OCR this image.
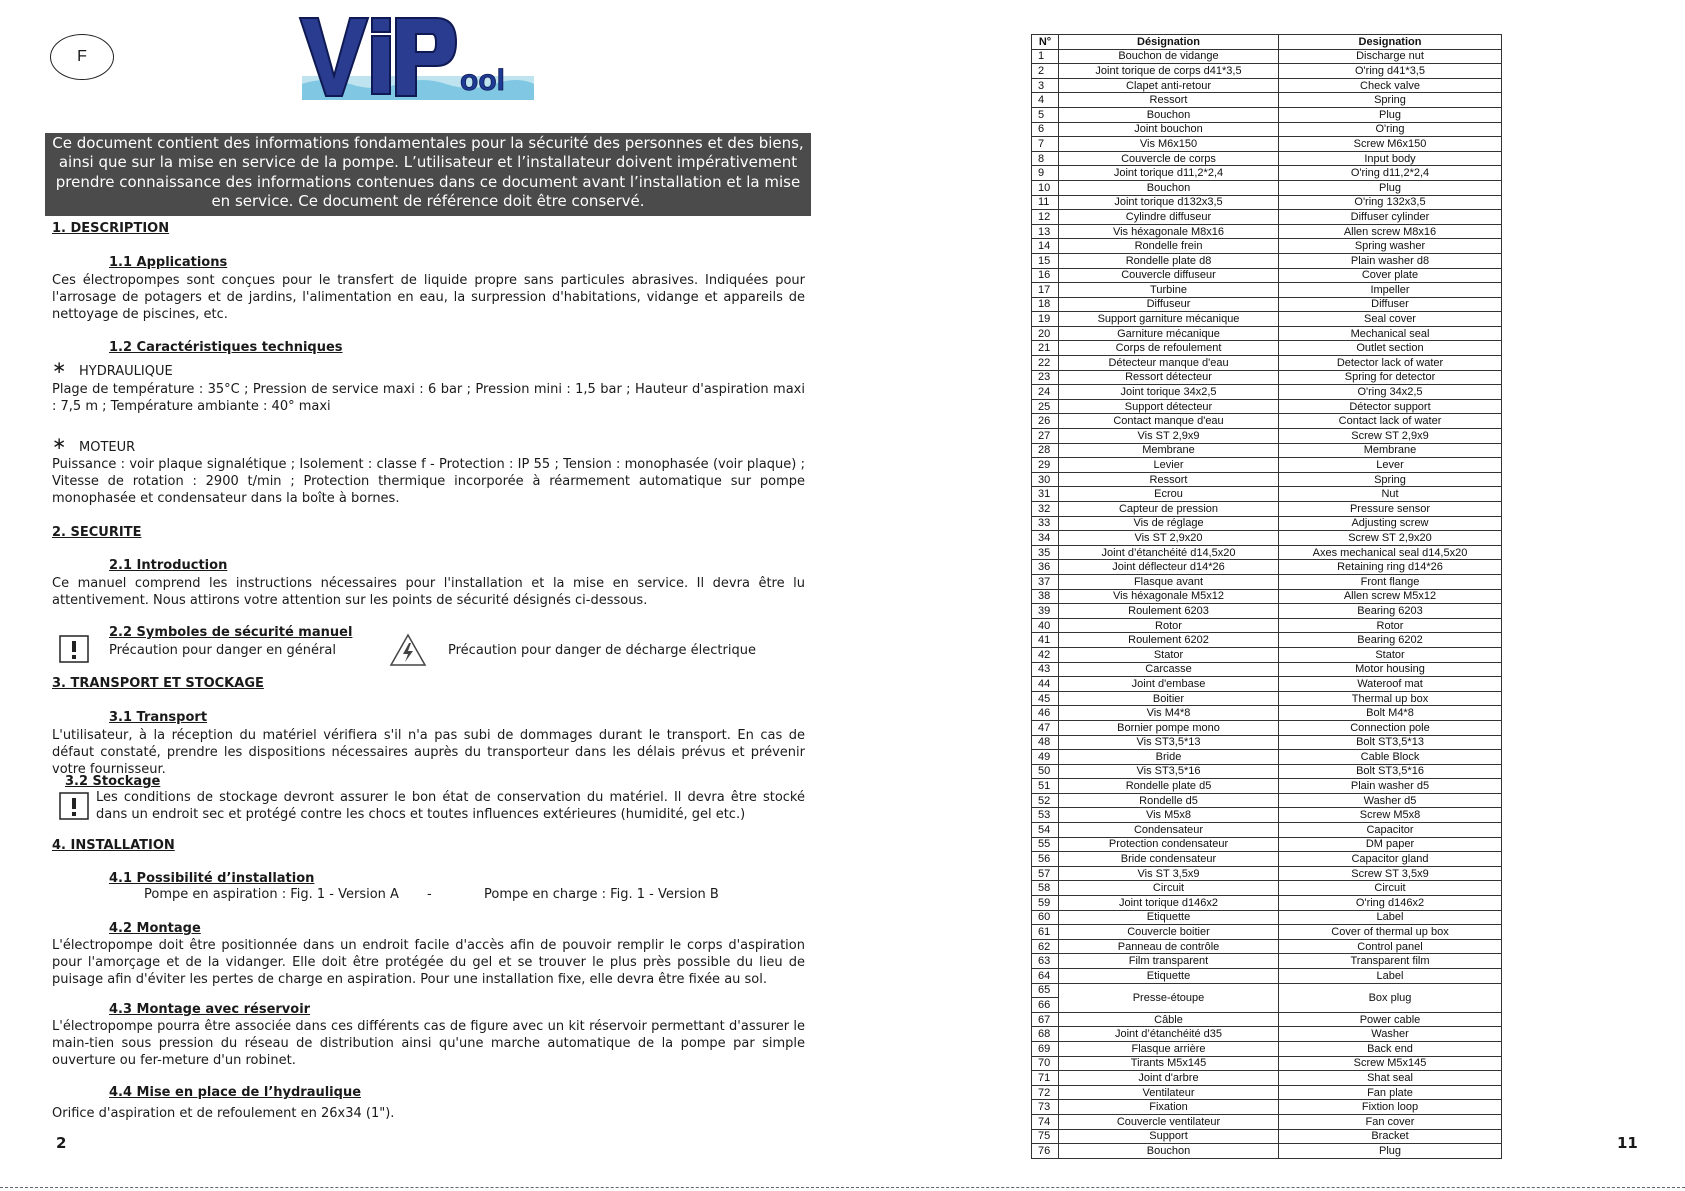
F
ool
Ce document contient des informations fondamentales pour la sécurité des personnes et des biens, ainsi que sur la mise en service de la pompe. L’utilisateur et l’installateur doivent impérativement prendre connaissance des informations contenues dans ce document avant l’installation et la mise en service. Ce document de référence doit être conservé.
1. DESCRIPTION
1.1 Applications
Ces électropompes sont conçues pour le transfert de liquide propre sans particules abrasives. Indiquées pour l'arrosage de potagers et de jardins, l'alimentation en eau, la surpression d'habitations, vidange et appareils de nettoyage de piscines, etc.
1.2 Caractéristiques techniques
∗ HYDRAULIQUE
Plage de température : 35°C ; Pression de service maxi : 6 bar ; Pression mini : 1,5 bar ; Hauteur d'aspiration maxi : 7,5 m ; Température ambiante : 40° maxi
∗ MOTEUR
Puissance : voir plaque signalétique ; Isolement : classe f - Protection : IP 55 ; Tension : monophasée (voir plaque) ; Vitesse de rotation : 2900 t/min ; Protection thermique incorporée à réarmement automatique sur pompe monophasée et condensateur dans la boîte à bornes.
2. SECURITE
2.1 Introduction
Ce manuel comprend les instructions nécessaires pour l'installation et la mise en service. Il devra être lu attentivement. Nous attirons votre attention sur les points de sécurité désignés ci-dessous.
2.2 Symboles de sécurité manuel
Précaution pour danger en général	Précaution pour danger de décharge électrique
3. TRANSPORT ET STOCKAGE
3.1 Transport
L'utilisateur, à la réception du matériel vérifiera s'il n'a pas subi de dommages durant le transport. En cas de défaut constaté, prendre les dispositions nécessaires auprès du transporteur dans les délais prévus et prévenir votre fournisseur.
3.2 Stockage
Les conditions de stockage devront assurer le bon état de conservation du matériel. Il devra être stocké dans un endroit sec et protégé contre les chocs et toutes influences extérieures (humidité, gel etc.)
4. INSTALLATION
4.1 Possibilité d’installation
Pompe en aspiration : Fig. 1 - Version A -	Pompe en charge : Fig. 1 - Version B
4.2 Montage
L'électropompe doit être positionnée dans un endroit facile d'accès afin de pouvoir remplir le corps d'aspiration pour l'amorçage et de la vidanger. Elle doit être protégée du gel et se trouver le plus près possible du lieu de puisage afin d'éviter les pertes de charge en aspiration. Pour une installation fixe, elle devra être fixée au sol.
4.3 Montage avec réservoir
L'électropompe pourra être associée dans ces différents cas de figure avec un kit réservoir permettant d'assurer le main-tien sous pression du réseau de distribution ainsi qu'une marche automatique de la pompe par simple ouverture ou fer-meture d'un robinet.
4.4 Mise en place de l’hydraulique
Orifice d'aspiration et de refoulement en 26x34 (1").
2
N°	Désignation	Designation
1	Bouchon de vidange	Discharge nut
2	Joint torique de corps d41*3,5	O'ring d41*3,5
3	Clapet anti-retour	Check valve
4	Ressort	Spring
5	Bouchon	Plug
6	Joint bouchon	O'ring
7	Vis M6x150	Screw M6x150
8	Couvercle de corps	Input body
9	Joint torique d11,2*2,4	O'ring d11,2*2,4
10	Bouchon	Plug
11	Joint torique d132x3,5	O'ring 132x3,5
12	Cylindre diffuseur	Diffuser cylinder
13	Vis héxagonale M8x16	Allen screw M8x16
14	Rondelle frein	Spring washer
15	Rondelle plate d8	Plain washer d8
16	Couvercle diffuseur	Cover plate
17	Turbine	Impeller
18	Diffuseur	Diffuser
19	Support garniture mécanique	Seal cover
20	Garniture mécanique	Mechanical seal
21	Corps de refoulement	Outlet section
22	Détecteur manque d'eau	Detector lack of water
23	Ressort détecteur	Spring for detector
24	Joint torique 34x2,5	O'ring 34x2,5
25	Support détecteur	Détector support
26	Contact manque d'eau	Contact lack of water
27	Vis ST 2,9x9	Screw ST 2,9x9
28	Membrane	Membrane
29	Levier	Lever
30	Ressort	Spring
31	Ecrou	Nut
32	Capteur de pression	Pressure sensor
33	Vis de réglage	Adjusting screw
34	Vis ST 2,9x20	Screw ST 2,9x20
35	Joint d’étanchéité d14,5x20	Axes mechanical seal d14,5x20
36	Joint déflecteur d14*26	Retaining ring d14*26
37	Flasque avant	Front flange
38	Vis héxagonale M5x12	Allen screw M5x12
39	Roulement 6203	Bearing 6203
40	Rotor	Rotor
41	Roulement 6202	Bearing 6202
42	Stator	Stator
43	Carcasse	Motor housing
44	Joint d'embase	Wateroof mat
45	Boitier	Thermal up box
46	Vis M4*8	Bolt M4*8
47	Bornier pompe mono	Connection pole
48	Vis ST3,5*13	Bolt ST3,5*13
49	Bride	Cable Block
50	Vis ST3,5*16	Bolt ST3,5*16
51	Rondelle plate d5	Plain washer d5
52	Rondelle d5	Washer d5
53	Vis M5x8	Screw M5x8
54	Condensateur	Capacitor
55	Protection condensateur	DM paper
56	Bride condensateur	Capacitor gland
57	Vis ST 3,5x9	Screw ST 3,5x9
58	Circuit	Circuit
59	Joint torique d146x2	O'ring d146x2
60	Etiquette	Label
61	Couvercle boitier	Cover of thermal up box
62	Panneau de contrôle	Control panel
63	Film transparent	Transparent film
64	Etiquette	Label
65	Presse-étoupe	Box plug
66		
67	Câble	Power cable
68	Joint d’étanchéité d35	Washer
69	Flasque arrière	Back end
70	Tirants M5x145	Screw M5x145
71	Joint d'arbre	Shat seal
72	Ventilateur	Fan plate
73	Fixation	Fixtion loop
74	Couvercle ventilateur	Fan cover
75	Support	Bracket
76	Bouchon	Plug	11
